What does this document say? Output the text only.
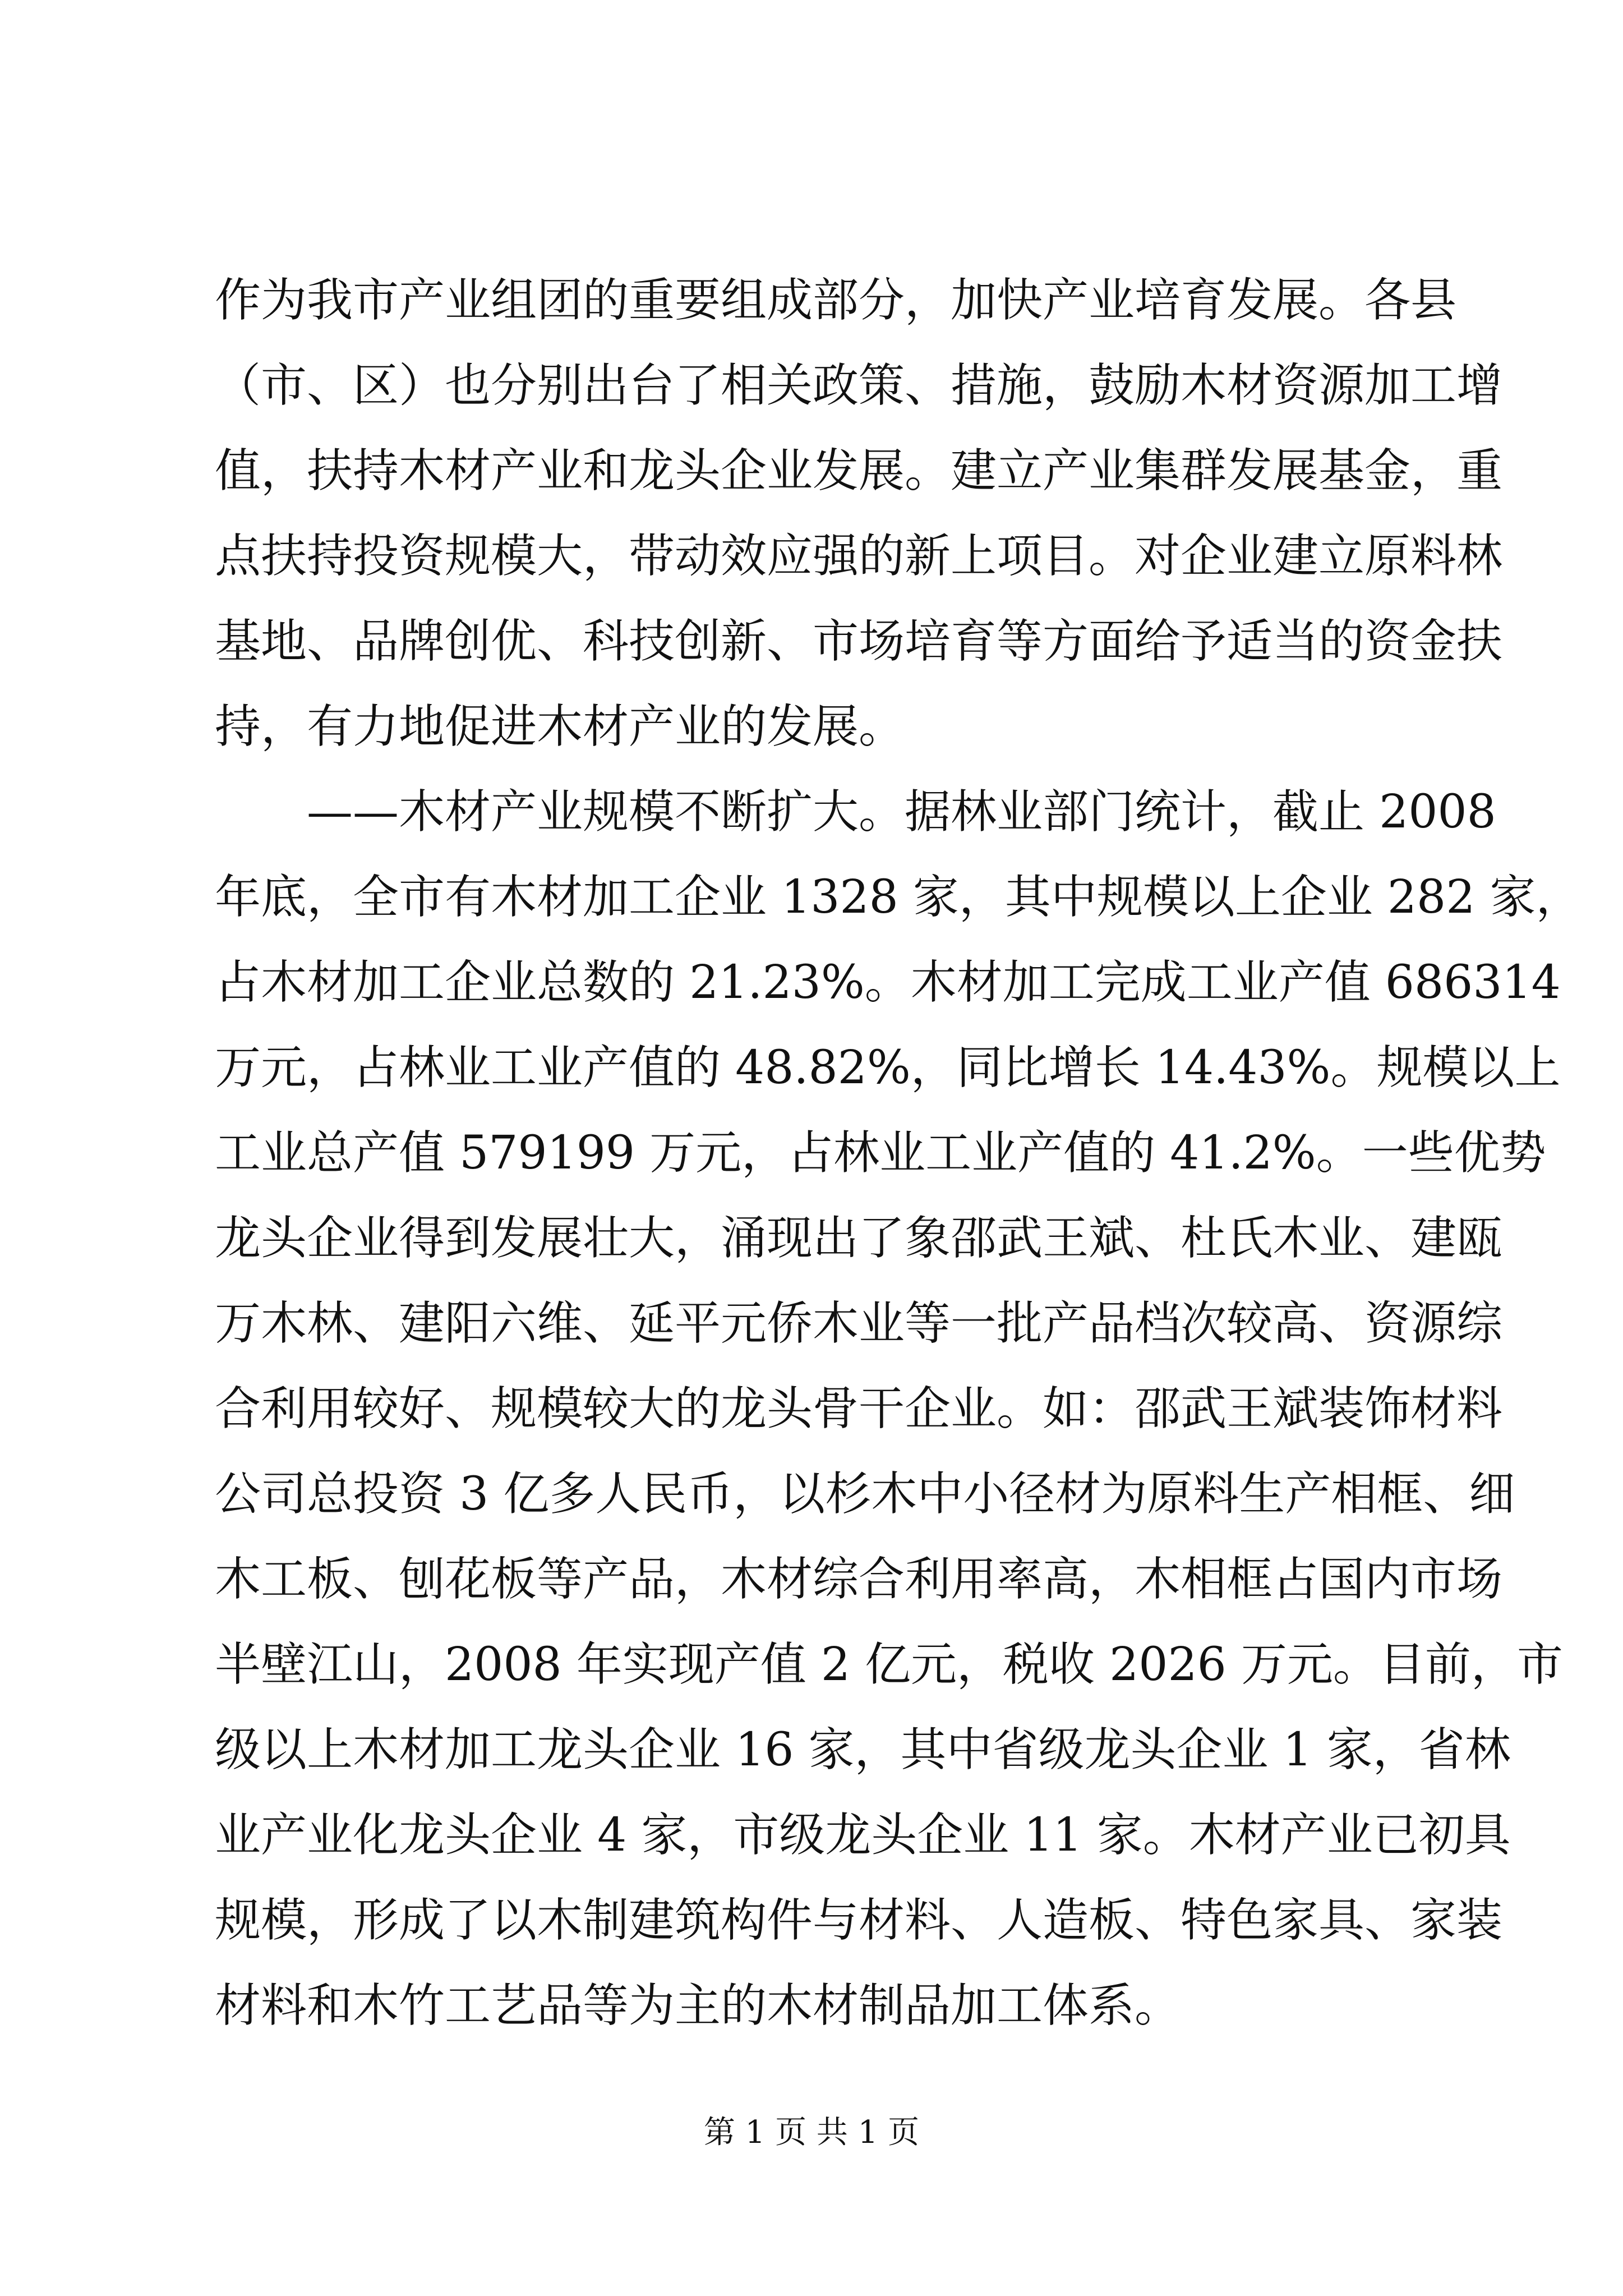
作为我市产业组团的重要组成部分，加快产业培育发展。各县
（市、区）也分别出台了相关政策、措施，鼓励木材资源加工增
值，扶持木材产业和龙头企业发展。建立产业集群发展基金，重
点扶持投资规模大，带动效应强的新上项目。对企业建立原料林
基地、品牌创优、科技创新、市场培育等方面给予适当的资金扶
持，有力地促进木材产业的发展。
——木材产业规模不断扩大。据林业部门统计，截止 2008
年底，全市有木材加工企业 1328 家，其中规模以上企业 282 家，
占木材加工企业总数的 21.23%。木材加工完成工业产值 686314
万元，占林业工业产值的 48.82%，同比增长 14.43%。规模以上
工业总产值 579199 万元，占林业工业产值的 41.2%。一些优势
龙头企业得到发展壮大，涌现出了象邵武王斌、杜氏木业、建瓯
万木林、建阳六维、延平元侨木业等一批产品档次较高、资源综
合利用较好、规模较大的龙头骨干企业。如：邵武王斌装饰材料
公司总投资 3 亿多人民币，以杉木中小径材为原料生产相框、细
木工板、刨花板等产品，木材综合利用率高，木相框占国内市场
半壁江山，2008 年实现产值 2 亿元，税收 2026 万元。目前，市
级以上木材加工龙头企业 16 家，其中省级龙头企业 1 家，省林
业产业化龙头企业 4 家，市级龙头企业 11 家。木材产业已初具
规模，形成了以木制建筑构件与材料、人造板、特色家具、家装
材料和木竹工艺品等为主的木材制品加工体系。
第 1 页 共 1 页
